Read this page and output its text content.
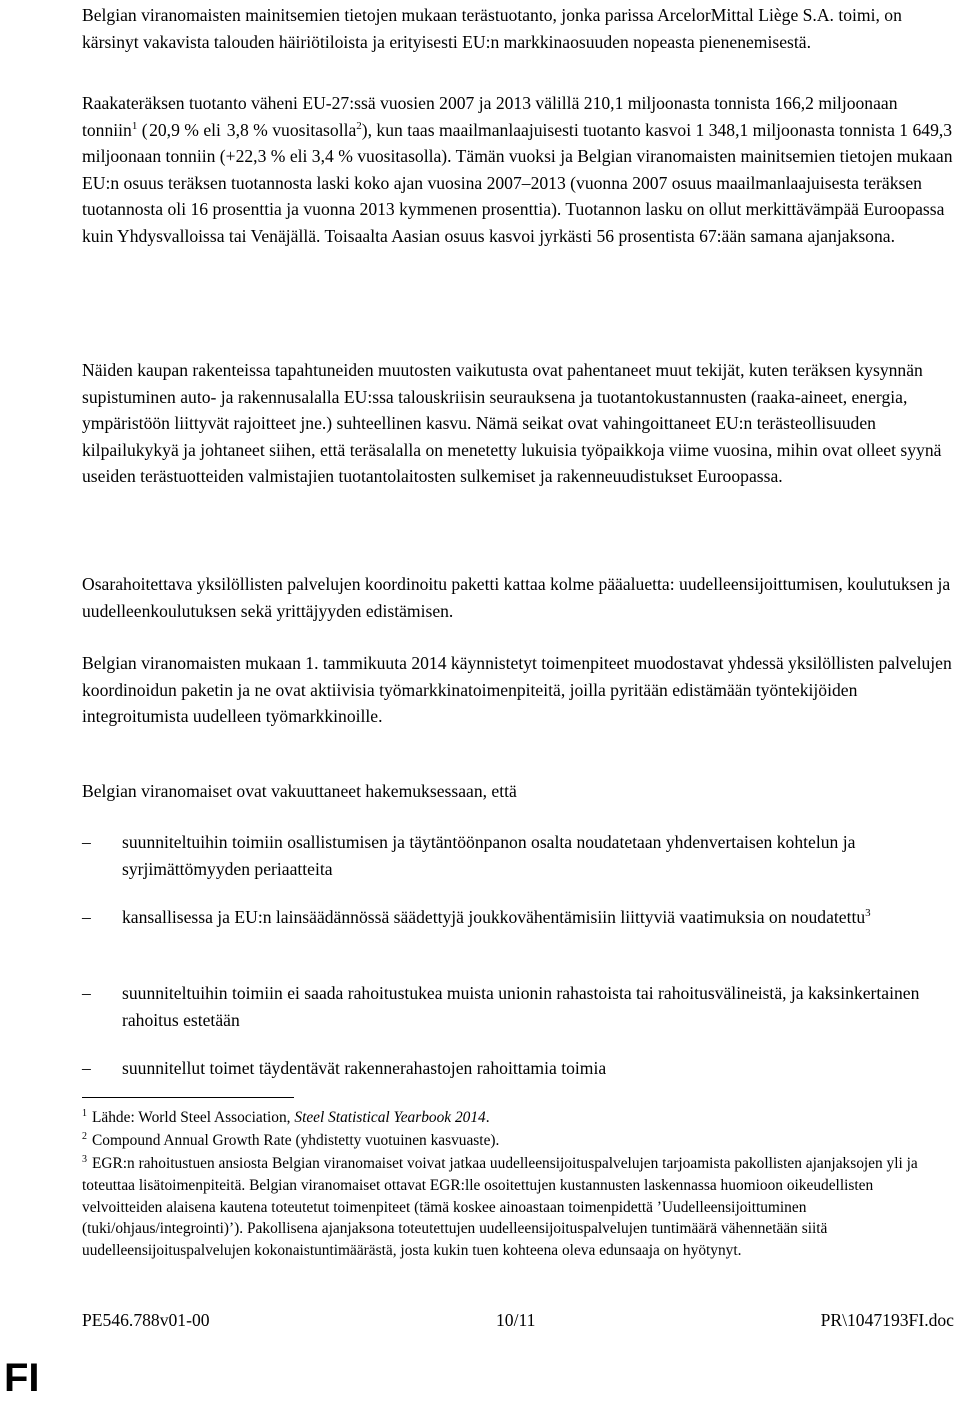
Belgian viranomaisten mainitsemien tietojen mukaan terästuotanto, jonka parissa ArcelorMittal Liège S.A. toimi, on kärsinyt vakavista talouden häiriötiloista ja erityisesti EU:n markkinaosuuden nopeasta pienenemisestä.

Raakateräksen tuotanto väheni EU-27:ssä vuosien 2007 ja 2013 välillä 210,1 miljoonasta tonnista 166,2 miljoonaan tonniin$^1$ ( 20,9 % eli  3,8 % vuositasolla$^2$), kun taas maailmanlaajuisesti tuotanto kasvoi 1 348,1 miljoonasta tonnista 1 649,3 miljoonaan tonniin (+22,3 % eli 3,4 % vuositasolla). Tämän vuoksi ja Belgian viranomaisten mainitsemien tietojen mukaan EU:n osuus teräksen tuotannosta laski koko ajan vuosina 2007–2013 (vuonna 2007 osuus maailmanlaajuisesta teräksen tuotannosta oli 16 prosenttia ja vuonna 2013 kymmenen prosenttia). Tuotannon lasku on ollut merkittävämpää Euroopassa kuin Yhdysvalloissa tai Venäjällä. Toisaalta Aasian osuus kasvoi jyrkästi 56 prosentista 67:ään samana ajanjaksona.

Näiden kaupan rakenteissa tapahtuneiden muutosten vaikutusta ovat pahentaneet muut tekijät, kuten teräksen kysynnän supistuminen auto- ja rakennusalalla EU:ssa talouskriisin seurauksena ja tuotantokustannusten (raaka-aineet, energia, ympäristöön liittyvät rajoitteet jne.) suhteellinen kasvu. Nämä seikat ovat vahingoittaneet EU:n terästeollisuuden kilpailukykyä ja johtaneet siihen, että teräsalalla on menetetty lukuisia työpaikkoja viime vuosina, mihin ovat olleet syynä useiden terästuotteiden valmistajien tuotantolaitosten sulkemiset ja rakenneuudistukset Euroopassa.

Osarahoitettava yksilöllisten palvelujen koordinoitu paketti kattaa kolme pääaluetta: uudelleensijoittumisen, koulutuksen ja uudelleenkoulutuksen sekä yrittäjyyden edistämisen.

Belgian viranomaisten mukaan 1. tammikuuta 2014 käynnistetyt toimenpiteet muodostavat yhdessä yksilöllisten palvelujen koordinoidun paketin ja ne ovat aktiivisia työmarkkinatoimenpiteitä, joilla pyritään edistämään työntekijöiden integroitumista uudelleen työmarkkinoille.

Belgian viranomaiset ovat vakuuttaneet hakemuksessaan, että

– suunniteltuihin toimiin osallistumisen ja täytäntöönpanon osalta noudatetaan yhdenvertaisen kohtelun ja syrjimättömyyden periaatteita
– kansallisessa ja EU:n lainsäädännössä säädettyjä joukkovähentämisiin liittyviä vaatimuksia on noudatettu$^3$
– suunniteltuihin toimiin ei saada rahoitustukea muista unionin rahastoista tai rahoitusvälineistä, ja kaksinkertainen rahoitus estetään
– suunnitellut toimet täydentävät rakennerahastojen rahoittamia toimia
$^1$ Lähde: World Steel Association, Steel Statistical Yearbook 2014.
$^2$ Compound Annual Growth Rate (yhdistetty vuotuinen kasvuaste).
$^3$ EGR:n rahoitustuen ansiosta Belgian viranomaiset voivat jatkaa uudelleensijoituspalvelujen tarjoamista pakollisten ajanjaksojen yli ja toteuttaa lisätoimenpiteitä. Belgian viranomaiset ottavat EGR:lle osoitettujen kustannusten laskennassa huomioon oikeudellisten velvoitteiden alaisena kautena toteutetut toimenpiteet (tämä koskee ainoastaan toimenpidettä ’Uudelleensijoittuminen (tuki/ohjaus/integrointi)’). Pakollisena ajanjaksona toteutettujen uudelleensijoituspalvelujen tuntimäärä vähennetään siitä uudelleensijoituspalvelujen kokonaistuntimäärästä, josta kukin tuen kohteena oleva edunsaaja on hyötynyt.
PE546.788v01-00	10/11	PR\1047193FI.doc
FI
